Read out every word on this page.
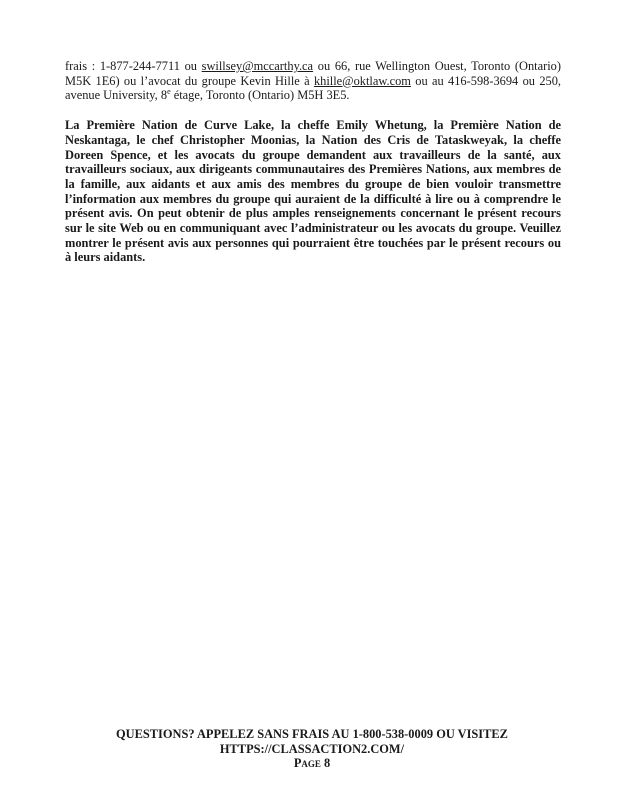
frais : 1-877-244-7711 ou swillsey@mccarthy.ca ou 66, rue Wellington Ouest, Toronto (Ontario) M5K 1E6) ou l’avocat du groupe Kevin Hille à khille@oktlaw.com ou au 416-598-3694 ou 250, avenue University, 8e étage, Toronto (Ontario) M5H 3E5.

La Première Nation de Curve Lake, la cheffe Emily Whetung, la Première Nation de Neskantaga, le chef Christopher Moonias, la Nation des Cris de Tataskweyak, la cheffe Doreen Spence, et les avocats du groupe demandent aux travailleurs de la santé, aux travailleurs sociaux, aux dirigeants communautaires des Premières Nations, aux membres de la famille, aux aidants et aux amis des membres du groupe de bien vouloir transmettre l’information aux membres du groupe qui auraient de la difficulté à lire ou à comprendre le présent avis. On peut obtenir de plus amples renseignements concernant le présent recours sur le site Web ou en communiquant avec l’administrateur ou les avocats du groupe. Veuillez montrer le présent avis aux personnes qui pourraient être touchées par le présent recours ou à leurs aidants.

QUESTIONS? APPELEZ SANS FRAIS AU 1-800-538-0009 OU VISITEZ
HTTPS://CLASSACTION2.COM/
Page 8
